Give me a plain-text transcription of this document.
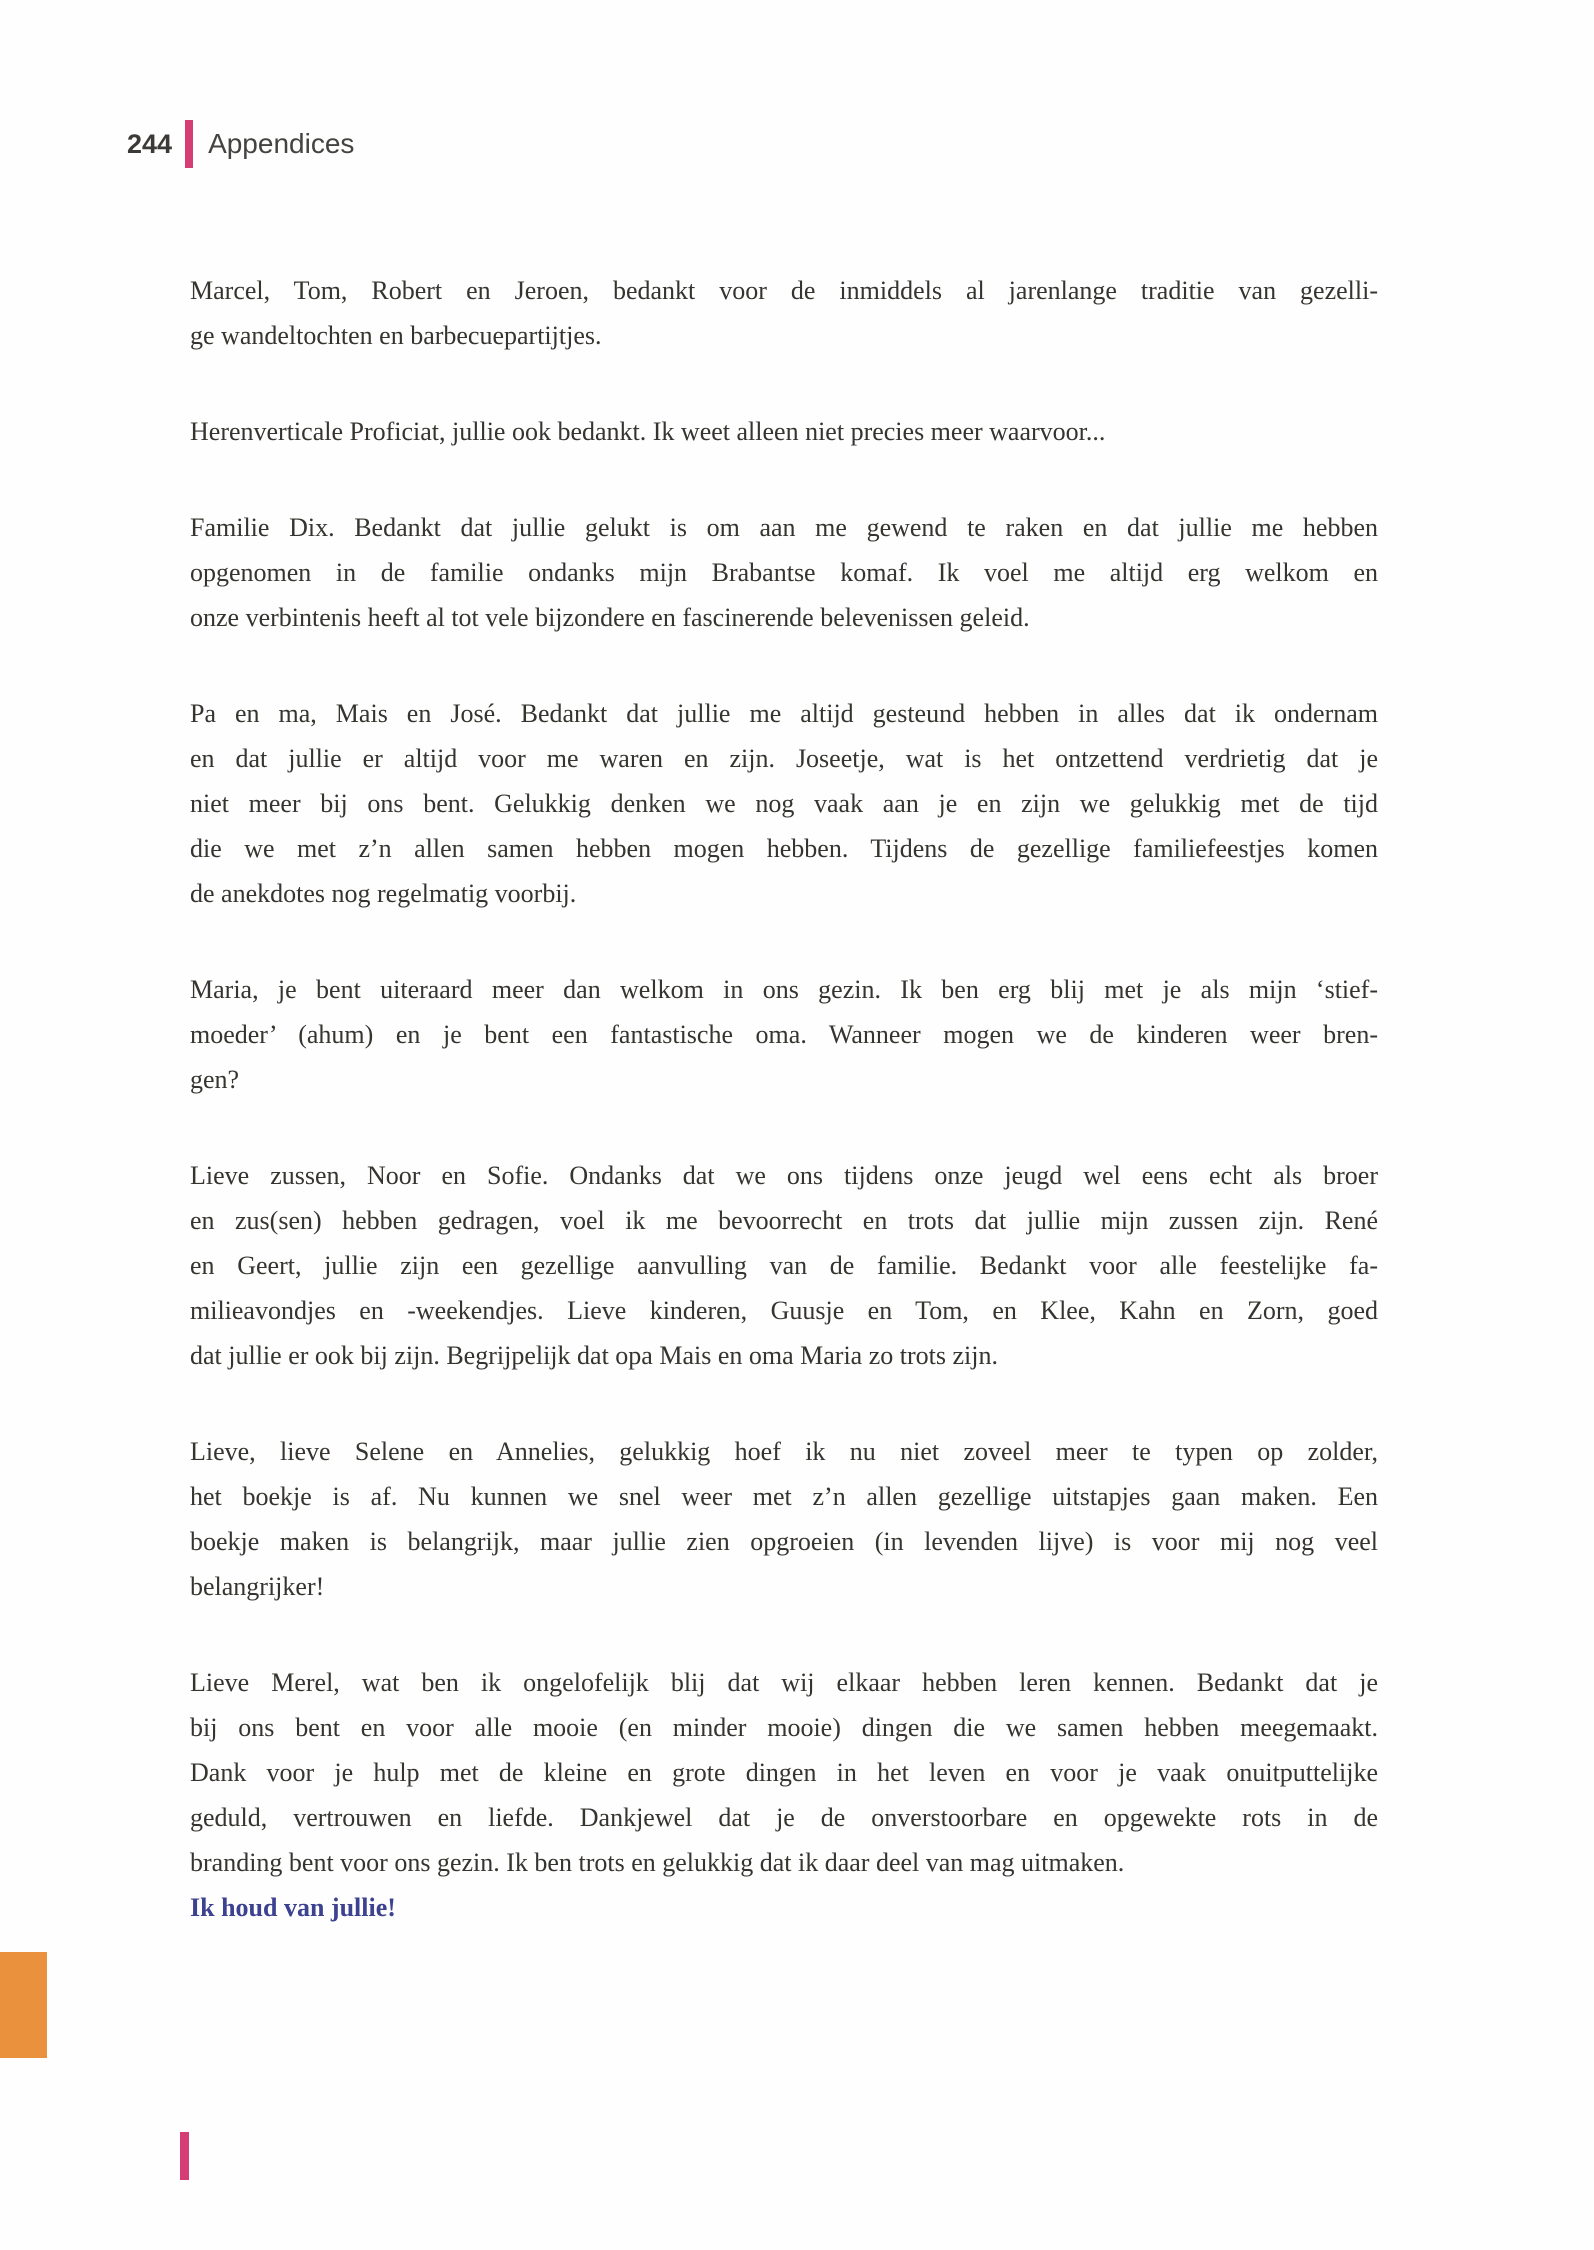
244 Appendices
Marcel, Tom, Robert en Jeroen, bedankt voor de inmiddels al jarenlange traditie van gezelli-
ge wandeltochten en barbecuepartijtjes.
Herenverticale Proficiat, jullie ook bedankt. Ik weet alleen niet precies meer waarvoor...
Familie Dix. Bedankt dat jullie gelukt is om aan me gewend te raken en dat jullie me hebben
opgenomen in de familie ondanks mijn Brabantse komaf. Ik voel me altijd erg welkom en
onze verbintenis heeft al tot vele bijzondere en fascinerende belevenissen geleid.
Pa en ma, Mais en José. Bedankt dat jullie me altijd gesteund hebben in alles dat ik ondernam
en dat jullie er altijd voor me waren en zijn. Joseetje, wat is het ontzettend verdrietig dat je
niet meer bij ons bent. Gelukkig denken we nog vaak aan je en zijn we gelukkig met de tijd
die we met z’n allen samen hebben mogen hebben. Tijdens de gezellige familiefeestjes komen
de anekdotes nog regelmatig voorbij.
Maria, je bent uiteraard meer dan welkom in ons gezin. Ik ben erg blij met je als mijn ‘stief-
moeder’ (ahum) en je bent een fantastische oma. Wanneer mogen we de kinderen weer bren-
gen?
Lieve zussen, Noor en Sofie. Ondanks dat we ons tijdens onze jeugd wel eens echt als broer
en zus(sen) hebben gedragen, voel ik me bevoorrecht en trots dat jullie mijn zussen zijn. René
en Geert, jullie zijn een gezellige aanvulling van de familie. Bedankt voor alle feestelijke fa-
milieavondjes en -weekendjes. Lieve kinderen, Guusje en Tom, en Klee, Kahn en Zorn, goed
dat jullie er ook bij zijn. Begrijpelijk dat opa Mais en oma Maria zo trots zijn.
Lieve, lieve Selene en Annelies, gelukkig hoef ik nu niet zoveel meer te typen op zolder,
het boekje is af. Nu kunnen we snel weer met z’n allen gezellige uitstapjes gaan maken. Een
boekje maken is belangrijk, maar jullie zien opgroeien (in levenden lijve) is voor mij nog veel
belangrijker!
Lieve Merel, wat ben ik ongelofelijk blij dat wij elkaar hebben leren kennen. Bedankt dat je
bij ons bent en voor alle mooie (en minder mooie) dingen die we samen hebben meegemaakt.
Dank voor je hulp met de kleine en grote dingen in het leven en voor je vaak onuitputtelijke
geduld, vertrouwen en liefde. Dankjewel dat je de onverstoorbare en opgewekte rots in de
branding bent voor ons gezin. Ik ben trots en gelukkig dat ik daar deel van mag uitmaken.
Ik houd van jullie!
